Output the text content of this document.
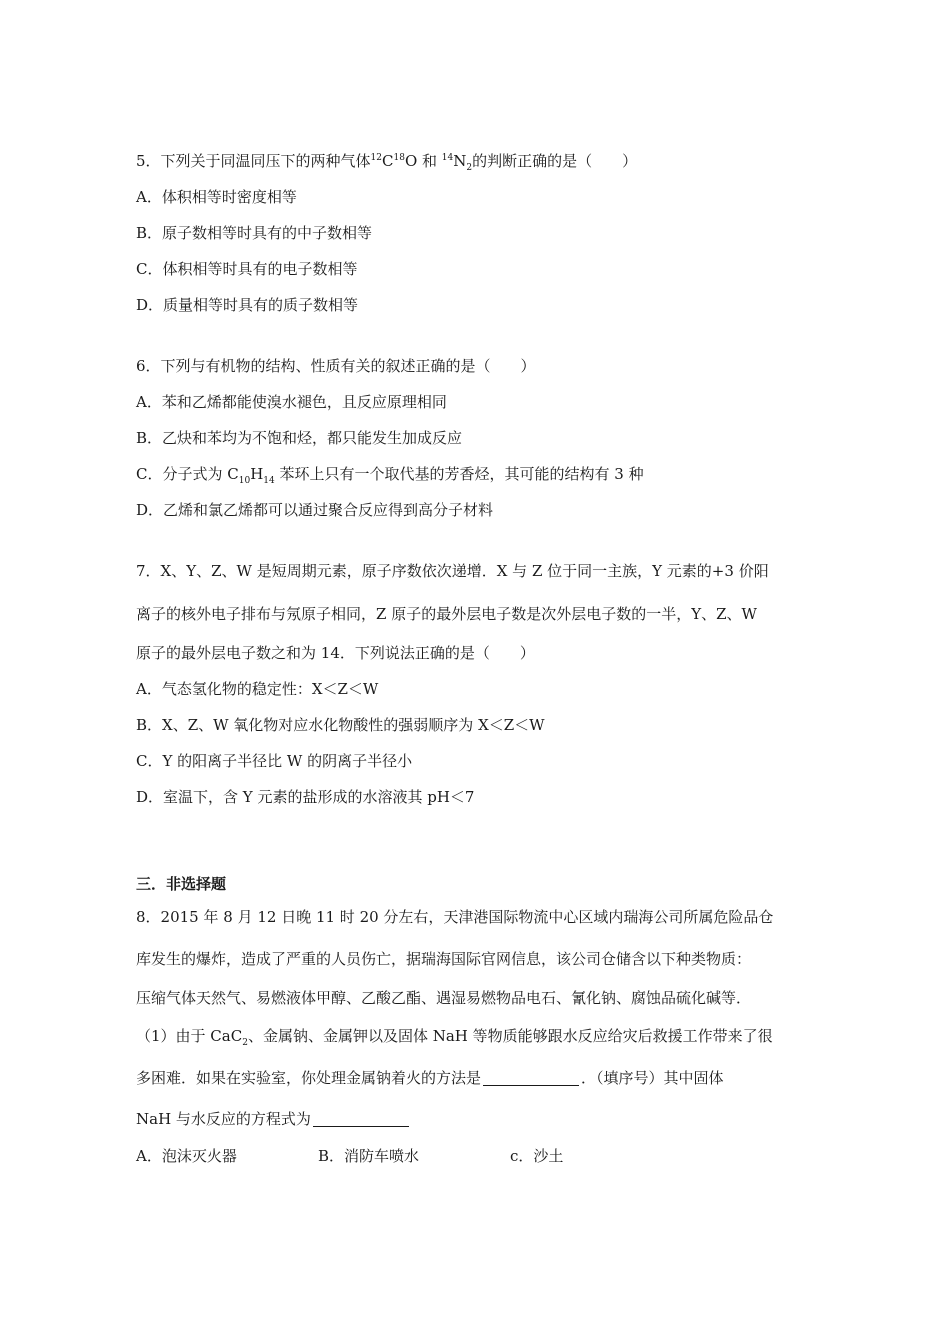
5．下列关于同温同压下的两种气体$^{12}C^{18}O$ 和 $^{14}N_2$的判断正确的是（　　）
A．体积相等时密度相等
B．原子数相等时具有的中子数相等
C．体积相等时具有的电子数相等
D．质量相等时具有的质子数相等
6．下列与有机物的结构、性质有关的叙述正确的是（　　）
A．苯和乙烯都能使溴水褪色，且反应原理相同
B．乙炔和苯均为不饱和烃，都只能发生加成反应
C．分子式为 $C_{10}H_{14}$ 苯环上只有一个取代基的芳香烃，其可能的结构有 3 种
D．乙烯和氯乙烯都可以通过聚合反应得到高分子材料
7．X、Y、Z、W 是短周期元素，原子序数依次递增．X 与 Z 位于同一主族，Y 元素的+3 价阳
离子的核外电子排布与氖原子相同，Z 原子的最外层电子数是次外层电子数的一半，Y、Z、W
原子的最外层电子数之和为 14．下列说法正确的是（　　）
A．气态氢化物的稳定性：X＜Z＜W
B．X、Z、W 氧化物对应水化物酸性的强弱顺序为 X＜Z＜W
C．Y 的阳离子半径比 W 的阴离子半径小
D．室温下，含 Y 元素的盐形成的水溶液其 pH＜7
三．非选择题
8．2015 年 8 月 12 日晚 11 时 20 分左右，天津港国际物流中心区域内瑞海公司所属危险品仓
库发生的爆炸，造成了严重的人员伤亡，据瑞海国际官网信息，该公司仓储含以下种类物质：
压缩气体天然气、易燃液体甲醇、乙酸乙酯、遇湿易燃物品电石、氰化钠、腐蚀品硫化碱等．
（1）由于 CaC$_2$、金属钠、金属钾以及固体 NaH 等物质能够跟水反应给灾后救援工作带来了很
多困难．如果在实验室，你处理金属钠着火的方法是	．（填序号）其中固体
NaH 与水反应的方程式为
A．泡沫灭火器	B．消防车喷水	c．沙土
